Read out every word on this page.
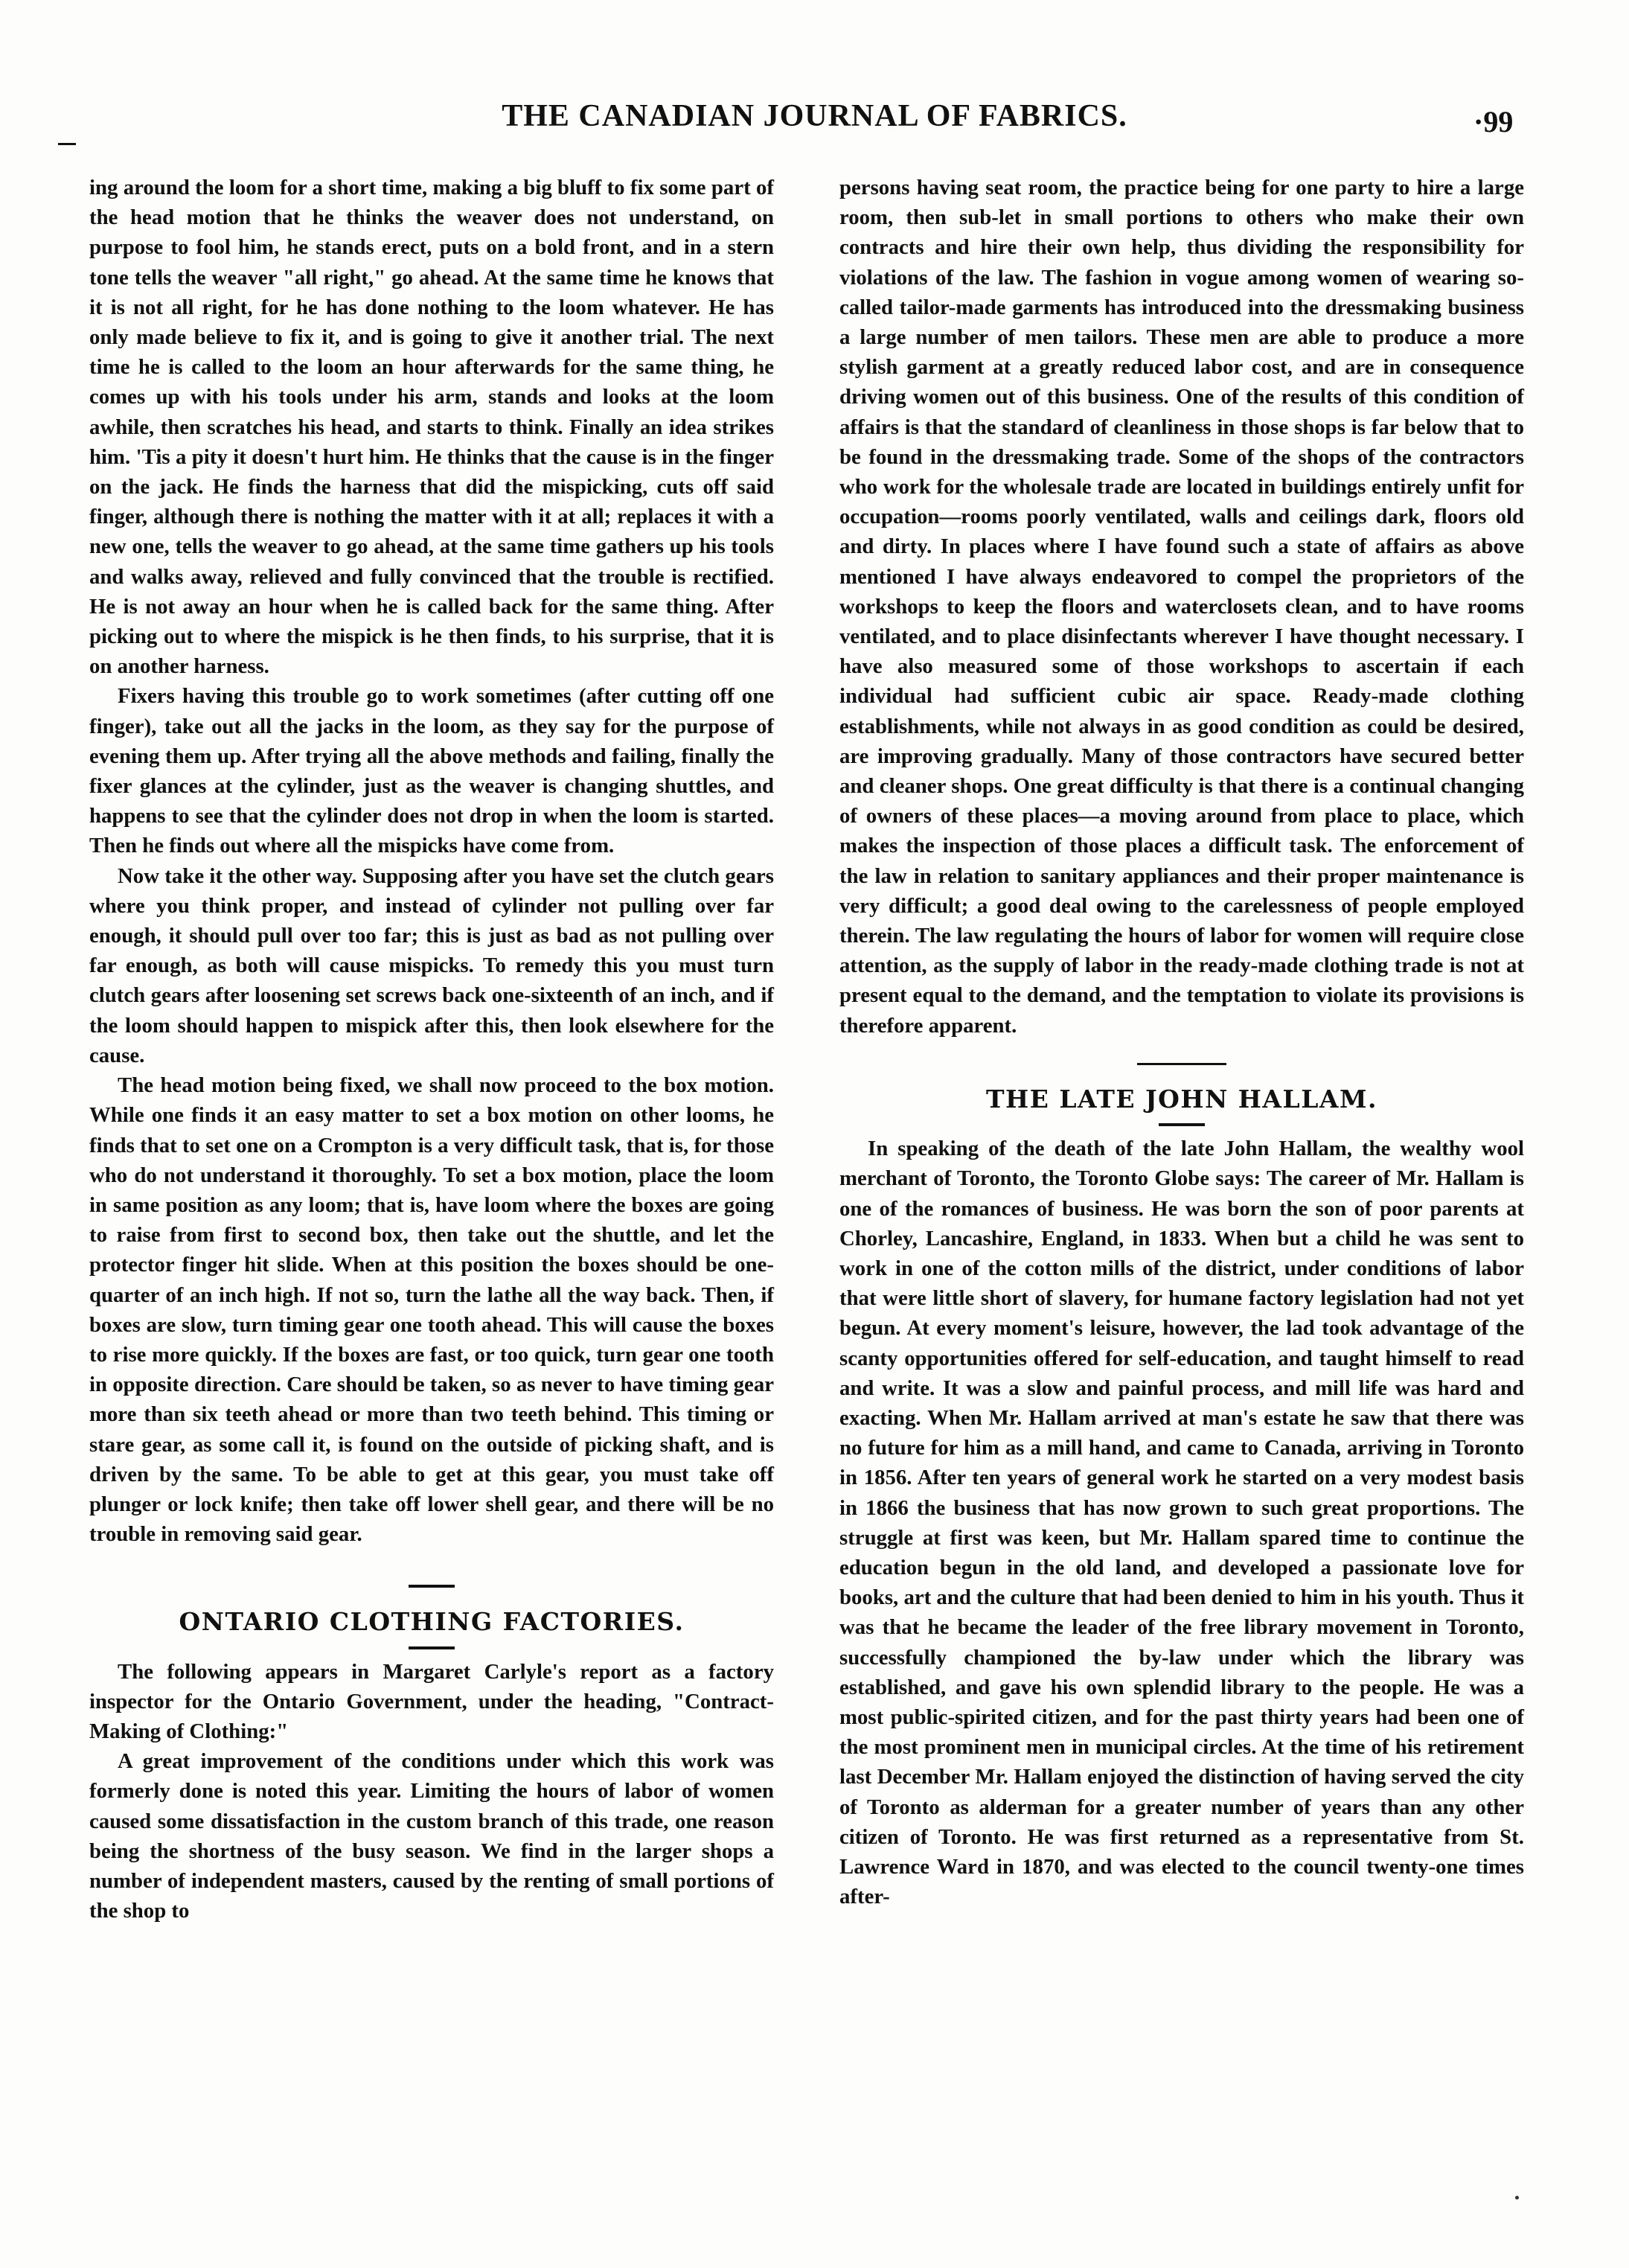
THE CANADIAN JOURNAL OF FABRICS.	·99

ing around the loom for a short time, making a big bluff to fix some part of the head motion that he thinks the weaver does not understand, on purpose to fool him, he stands erect, puts on a bold front, and in a stern tone tells the weaver "all right," go ahead. At the same time he knows that it is not all right, for he has done nothing to the loom whatever. He has only made believe to fix it, and is going to give it another trial. The next time he is called to the loom an hour afterwards for the same thing, he comes up with his tools under his arm, stands and looks at the loom awhile, then scratches his head, and starts to think. Finally an idea strikes him. 'Tis a pity it doesn't hurt him. He thinks that the cause is in the finger on the jack. He finds the harness that did the mispicking, cuts off said finger, although there is nothing the matter with it at all; replaces it with a new one, tells the weaver to go ahead, at the same time gathers up his tools and walks away, relieved and fully convinced that the trouble is rectified. He is not away an hour when he is called back for the same thing. After picking out to where the mispick is he then finds, to his surprise, that it is on another harness.

Fixers having this trouble go to work sometimes (after cutting off one finger), take out all the jacks in the loom, as they say for the purpose of evening them up. After trying all the above methods and failing, finally the fixer glances at the cylinder, just as the weaver is changing shuttles, and happens to see that the cylinder does not drop in when the loom is started. Then he finds out where all the mispicks have come from.

Now take it the other way. Supposing after you have set the clutch gears where you think proper, and instead of cylinder not pulling over far enough, it should pull over too far; this is just as bad as not pulling over far enough, as both will cause mispicks. To remedy this you must turn clutch gears after loosening set screws back one-sixteenth of an inch, and if the loom should happen to mispick after this, then look elsewhere for the cause.

The head motion being fixed, we shall now proceed to the box motion. While one finds it an easy matter to set a box motion on other looms, he finds that to set one on a Crompton is a very difficult task, that is, for those who do not understand it thoroughly. To set a box motion, place the loom in same position as any loom; that is, have loom where the boxes are going to raise from first to second box, then take out the shuttle, and let the protector finger hit slide. When at this position the boxes should be one-quarter of an inch high. If not so, turn the lathe all the way back. Then, if boxes are slow, turn timing gear one tooth ahead. This will cause the boxes to rise more quickly. If the boxes are fast, or too quick, turn gear one tooth in opposite direction. Care should be taken, so as never to have timing gear more than six teeth ahead or more than two teeth behind. This timing or stare gear, as some call it, is found on the outside of picking shaft, and is driven by the same. To be able to get at this gear, you must take off plunger or lock knife; then take off lower shell gear, and there will be no trouble in removing said gear.

ONTARIO CLOTHING FACTORIES.

The following appears in Margaret Carlyle's report as a factory inspector for the Ontario Government, under the heading, "Contract-Making of Clothing:"

A great improvement of the conditions under which this work was formerly done is noted this year. Limiting the hours of labor of women caused some dissatisfaction in the custom branch of this trade, one reason being the shortness of the busy season. We find in the larger shops a number of independent masters, caused by the renting of small portions of the shop to

persons having seat room, the practice being for one party to hire a large room, then sub-let in small portions to others who make their own contracts and hire their own help, thus dividing the responsibility for violations of the law. The fashion in vogue among women of wearing so-called tailor-made garments has introduced into the dressmaking business a large number of men tailors. These men are able to produce a more stylish garment at a greatly reduced labor cost, and are in consequence driving women out of this business. One of the results of this condition of affairs is that the standard of cleanliness in those shops is far below that to be found in the dressmaking trade. Some of the shops of the contractors who work for the wholesale trade are located in buildings entirely unfit for occupation—rooms poorly ventilated, walls and ceilings dark, floors old and dirty. In places where I have found such a state of affairs as above mentioned I have always endeavored to compel the proprietors of the workshops to keep the floors and waterclosets clean, and to have rooms ventilated, and to place disinfectants wherever I have thought necessary. I have also measured some of those workshops to ascertain if each individual had sufficient cubic air space. Ready-made clothing establishments, while not always in as good condition as could be desired, are improving gradually. Many of those contractors have secured better and cleaner shops. One great difficulty is that there is a continual changing of owners of these places—a moving around from place to place, which makes the inspection of those places a difficult task. The enforcement of the law in relation to sanitary appliances and their proper maintenance is very difficult; a good deal owing to the carelessness of people employed therein. The law regulating the hours of labor for women will require close attention, as the supply of labor in the ready-made clothing trade is not at present equal to the demand, and the temptation to violate its provisions is therefore apparent.

THE LATE JOHN HALLAM.

In speaking of the death of the late John Hallam, the wealthy wool merchant of Toronto, the Toronto Globe says: The career of Mr. Hallam is one of the romances of business. He was born the son of poor parents at Chorley, Lancashire, England, in 1833. When but a child he was sent to work in one of the cotton mills of the district, under conditions of labor that were little short of slavery, for humane factory legislation had not yet begun. At every moment's leisure, however, the lad took advantage of the scanty opportunities offered for self-education, and taught himself to read and write. It was a slow and painful process, and mill life was hard and exacting. When Mr. Hallam arrived at man's estate he saw that there was no future for him as a mill hand, and came to Canada, arriving in Toronto in 1856. After ten years of general work he started on a very modest basis in 1866 the business that has now grown to such great proportions. The struggle at first was keen, but Mr. Hallam spared time to continue the education begun in the old land, and developed a passionate love for books, art and the culture that had been denied to him in his youth. Thus it was that he became the leader of the free library movement in Toronto, successfully championed the by-law under which the library was established, and gave his own splendid library to the people. He was a most public-spirited citizen, and for the past thirty years had been one of the most prominent men in municipal circles. At the time of his retirement last December Mr. Hallam enjoyed the distinction of having served the city of Toronto as alderman for a greater number of years than any other citizen of Toronto. He was first returned as a representative from St. Lawrence Ward in 1870, and was elected to the council twenty-one times after-
